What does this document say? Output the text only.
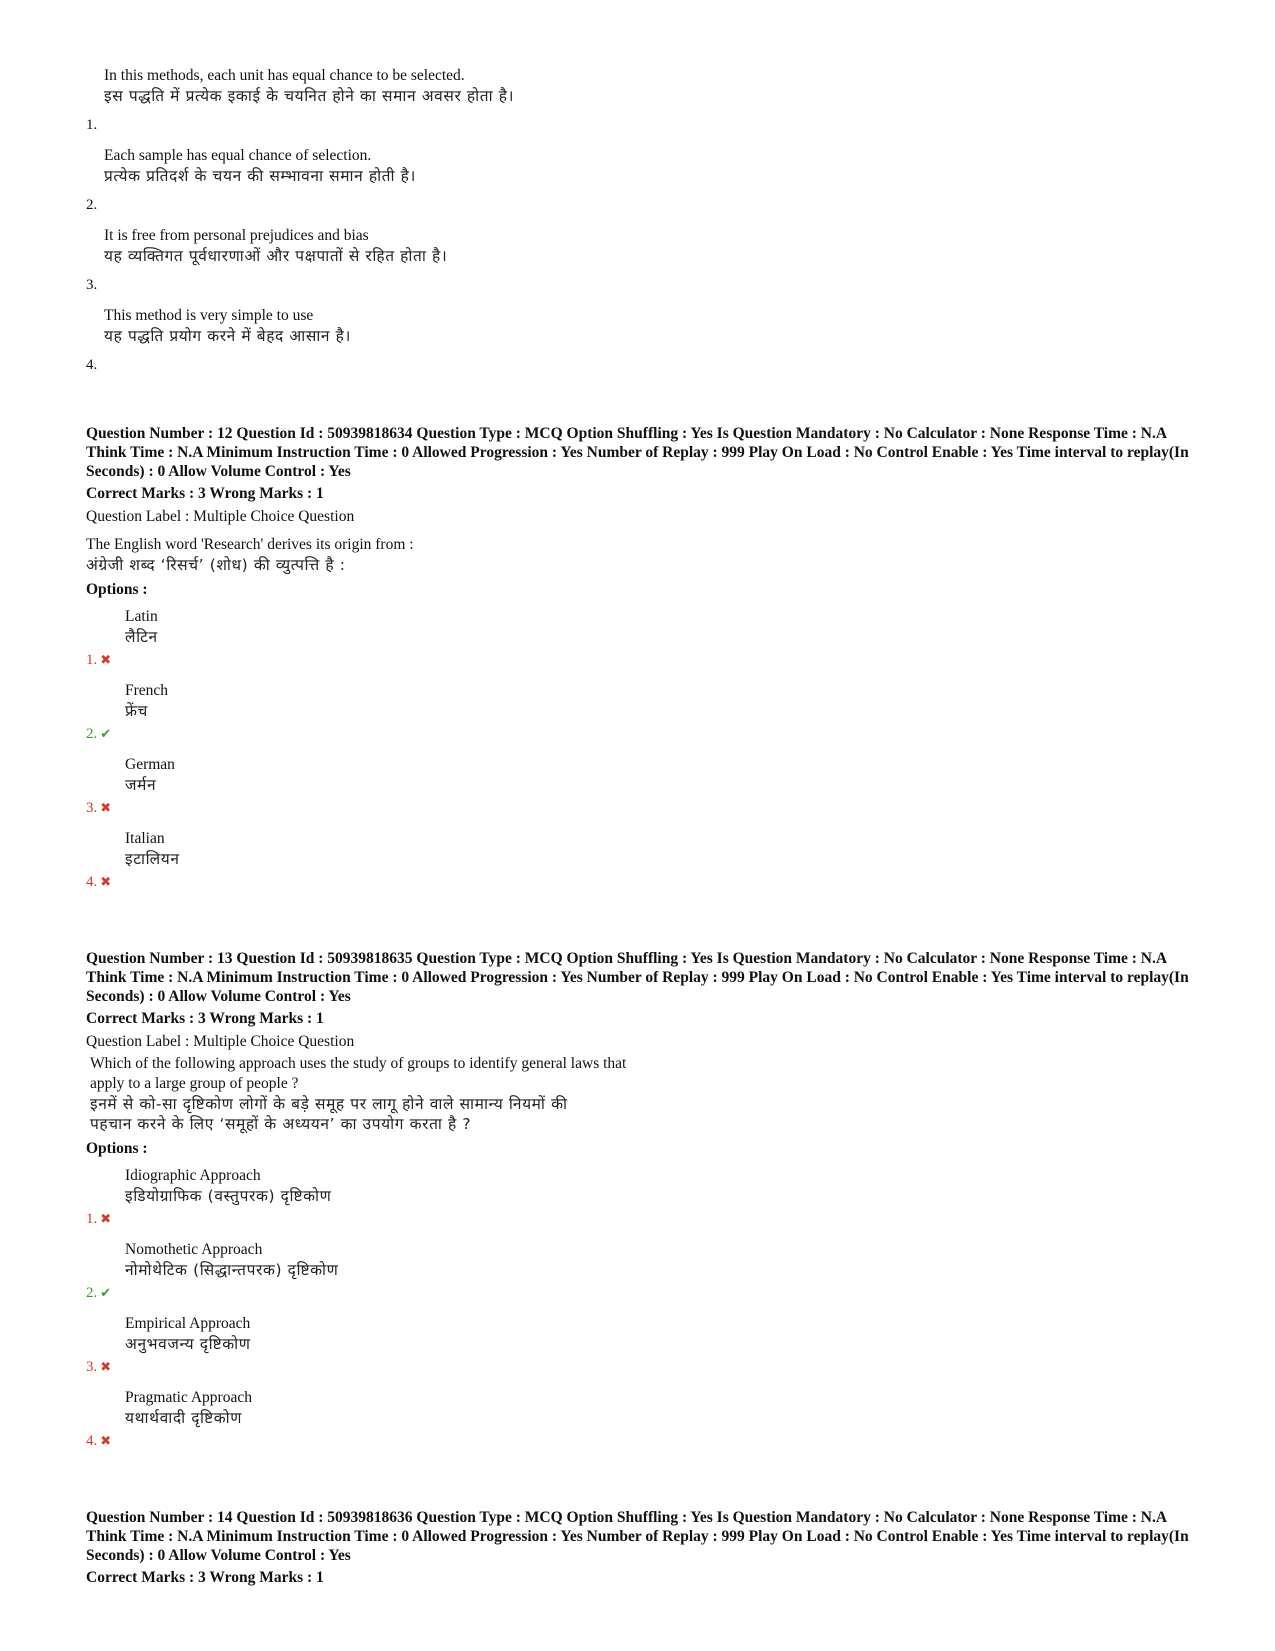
1.
In this methods, each unit has equal chance to be selected.
इस पद्धति में प्रत्येक इकाई के चयनित होने का समान अवसर होता है।
2.
Each sample has equal chance of selection.
प्रत्येक प्रतिदर्श के चयन की सम्भावना समान होती है।
3.
It is free from personal prejudices and bias
यह व्यक्तिगत पूर्वधारणाओं और पक्षपातों से रहित होता है।
4.
This method is very simple to use
यह पद्धति प्रयोग करने में बेहद आसान है।
Question Number : 12 Question Id : 50939818634 Question Type : MCQ Option Shuffling : Yes Is Question Mandatory : No Calculator : None Response Time : N.A Think Time : N.A Minimum Instruction Time : 0 Allowed Progression : Yes Number of Replay : 999 Play On Load : No Control Enable : Yes Time interval to replay(In Seconds) : 0 Allow Volume Control : Yes
Correct Marks : 3 Wrong Marks : 1
Question Label : Multiple Choice Question
The English word 'Research' derives its origin from :
अंग्रेजी शब्द ‘रिसर्च’ (शोध) की व्युत्पत्ति है :
Options :
1. ✖
Latin
लैटिन
2. ✔
French
फ्रेंच
3. ✖
German
जर्मन
4. ✖
Italian
इटालियन
Question Number : 13 Question Id : 50939818635 Question Type : MCQ Option Shuffling : Yes Is Question Mandatory : No Calculator : None Response Time : N.A Think Time : N.A Minimum Instruction Time : 0 Allowed Progression : Yes Number of Replay : 999 Play On Load : No Control Enable : Yes Time interval to replay(In Seconds) : 0 Allow Volume Control : Yes
Correct Marks : 3 Wrong Marks : 1
Question Label : Multiple Choice Question
Which of the following approach uses the study of groups to identify general laws that
apply to a large group of people ?
इनमें से को-सा दृष्टिकोण लोगों के बड़े समूह पर लागू होने वाले सामान्य नियमों की
पहचान करने के लिए ‘समूहों के अध्ययन’ का उपयोग करता है ?
Options :
1. ✖
Idiographic Approach
इडियोग्राफिक (वस्तुपरक) दृष्टिकोण
2. ✔
Nomothetic Approach
नोमोथेटिक (सिद्धान्तपरक) दृष्टिकोण
3. ✖
Empirical Approach
अनुभवजन्य दृष्टिकोण
4. ✖
Pragmatic Approach
यथार्थवादी दृष्टिकोण
Question Number : 14 Question Id : 50939818636 Question Type : MCQ Option Shuffling : Yes Is Question Mandatory : No Calculator : None Response Time : N.A Think Time : N.A Minimum Instruction Time : 0 Allowed Progression : Yes Number of Replay : 999 Play On Load : No Control Enable : Yes Time interval to replay(In Seconds) : 0 Allow Volume Control : Yes
Correct Marks : 3 Wrong Marks : 1
